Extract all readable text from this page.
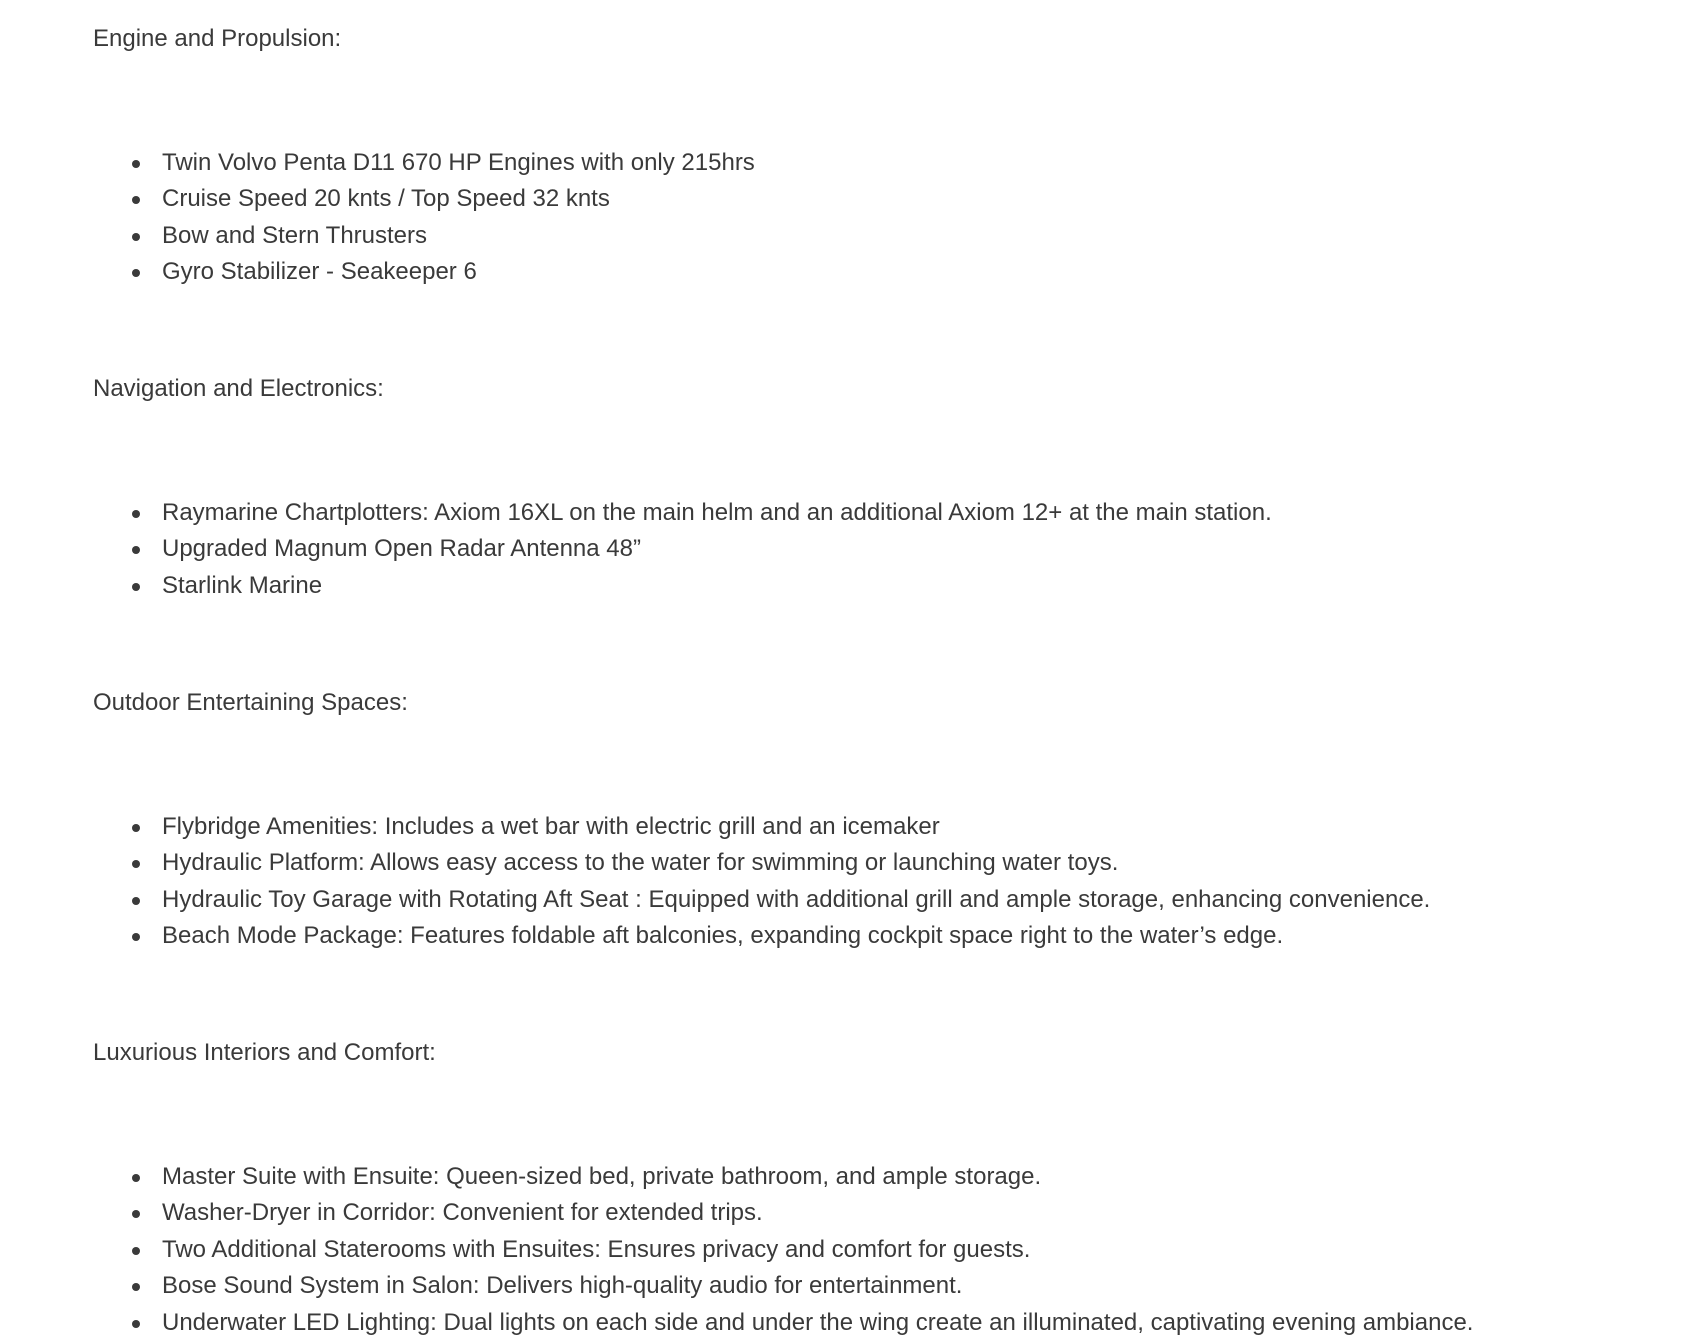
Engine and Propulsion:

Twin Volvo Penta D11 670 HP Engines with only 215hrs
Cruise Speed 20 knts / Top Speed 32 knts
Bow and Stern Thrusters
Gyro Stabilizer - Seakeeper 6

Navigation and Electronics:

Raymarine Chartplotters: Axiom 16XL on the main helm and an additional Axiom 12+ at the main station.
Upgraded Magnum Open Radar Antenna 48”
Starlink Marine

Outdoor Entertaining Spaces:

Flybridge Amenities: Includes a wet bar with electric grill and an icemaker
Hydraulic Platform: Allows easy access to the water for swimming or launching water toys.
Hydraulic Toy Garage with Rotating Aft Seat : Equipped with additional grill and ample storage, enhancing convenience.
Beach Mode Package: Features foldable aft balconies, expanding cockpit space right to the water’s edge.

Luxurious Interiors and Comfort:

Master Suite with Ensuite: Queen-sized bed, private bathroom, and ample storage.
Washer-Dryer in Corridor: Convenient for extended trips.
Two Additional Staterooms with Ensuites: Ensures privacy and comfort for guests.
Bose Sound System in Salon: Delivers high-quality audio for entertainment.
Underwater LED Lighting: Dual lights on each side and under the wing create an illuminated, captivating evening ambiance.
